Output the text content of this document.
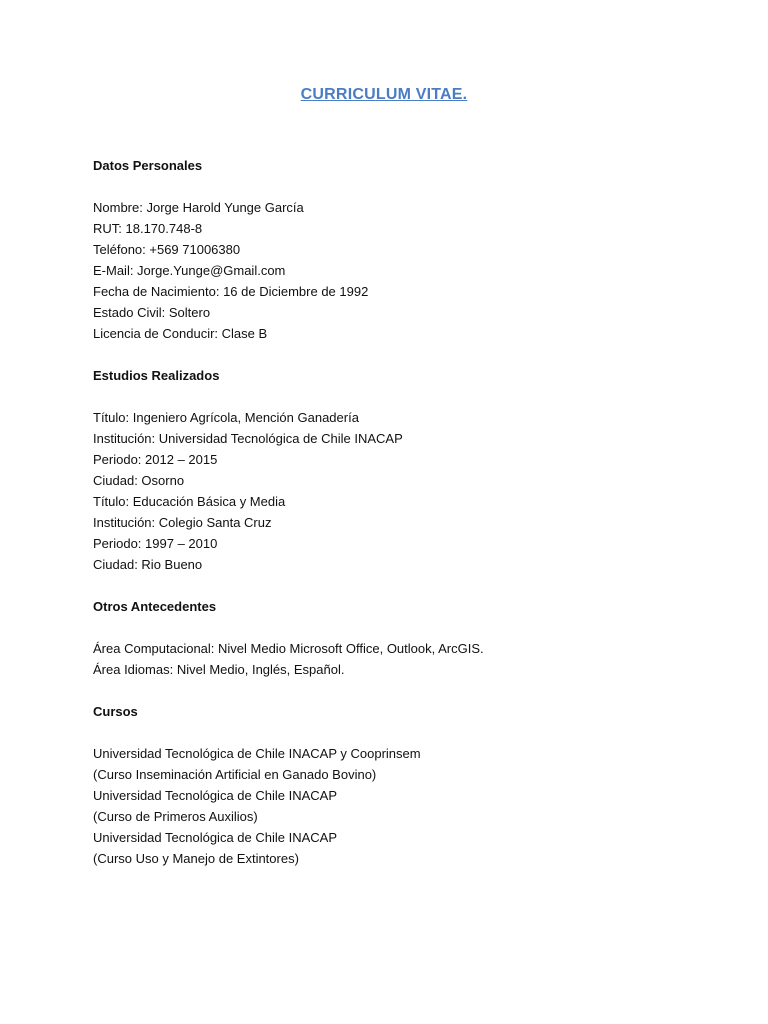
CURRICULUM VITAE.
Datos Personales
Nombre: Jorge Harold Yunge García
RUT: 18.170.748-8
Teléfono: +569 71006380
E-Mail: Jorge.Yunge@Gmail.com
Fecha de Nacimiento: 16 de Diciembre de 1992
Estado Civil: Soltero
Licencia de Conducir: Clase B
Estudios Realizados
Título: Ingeniero Agrícola, Mención Ganadería
Institución: Universidad Tecnológica de Chile INACAP
Periodo: 2012 – 2015
Ciudad: Osorno
Título: Educación Básica y Media
Institución: Colegio Santa Cruz
Periodo: 1997 – 2010
Ciudad: Rio Bueno
Otros Antecedentes
Área Computacional: Nivel Medio Microsoft Office, Outlook, ArcGIS.
Área Idiomas: Nivel Medio, Inglés, Español.
Cursos
Universidad Tecnológica de Chile INACAP y Cooprinsem
(Curso Inseminación Artificial en Ganado Bovino)
Universidad Tecnológica de Chile INACAP
(Curso de Primeros Auxilios)
Universidad Tecnológica de Chile INACAP
(Curso Uso y Manejo de Extintores)
